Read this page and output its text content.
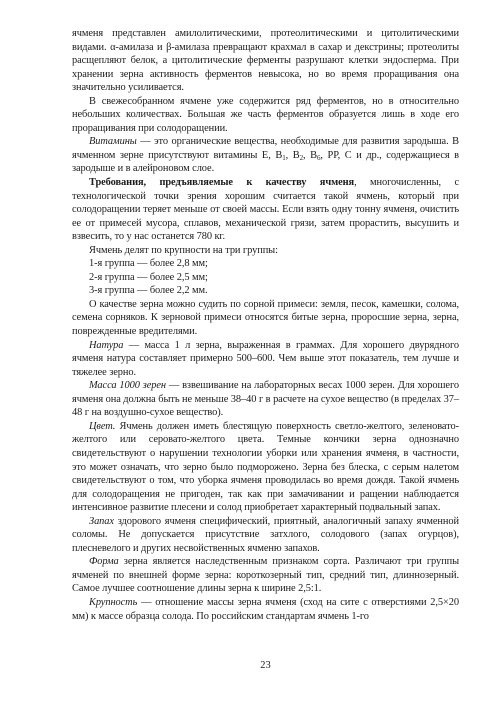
ячменя представлен амилолитическими, протеолитическими и цитолитическими видами. α-амилаза и β-амилаза превращают крахмал в сахар и декстрины; протеолиты расщепляют белок, а цитолитические ферменты разрушают клетки эндосперма. При хранении зерна активность ферментов невысока, но во время проращивания она значительно усиливается.

В свежесобранном ячмене уже содержится ряд ферментов, но в относительно небольших количествах. Большая же часть ферментов образуется лишь в ходе его проращивания при солодоращении.

Витамины — это органические вещества, необходимые для развития зародыша. В ячменном зерне присутствуют витамины Е, $В_1$, $В_2$, $В_6$, РР, С и др., содержащиеся в зародыше и в алейроновом слое.

Требования, предъявляемые к качеству ячменя, многочисленны, с технологической точки зрения хорошим считается такой ячмень, который при солодоращении теряет меньше от своей массы. Если взять одну тонну ячменя, очистить ее от примесей мусора, сплавов, механической грязи, затем прорастить, высушить и взвесить, то у нас останется 780 кг.

Ячмень делят по крупности на три группы:

1-я группа — более 2,8 мм;

2-я группа — более 2,5 мм;

3-я группа — более 2,2 мм.

О качестве зерна можно судить по сорной примеси: земля, песок, камешки, солома, семена сорняков. К зерновой примеси относятся битые зерна, проросшие зерна, зерна, поврежденные вредителями.

Натура — масса 1 л зерна, выраженная в граммах. Для хорошего двурядного ячменя натура составляет примерно 500–600. Чем выше этот показатель, тем лучше и тяжелее зерно.

Масса 1000 зерен — взвешивание на лабораторных весах 1000 зерен. Для хорошего ячменя она должна быть не меньше 38–40 г в расчете на сухое вещество (в пределах 37–48 г на воздушно-сухое вещество).

Цвет. Ячмень должен иметь блестящую поверхность светло-желтого, зеленовато-желтого или серовато-желтого цвета. Темные кончики зерна однозначно свидетельствуют о нарушении технологии уборки или хранения ячменя, в частности, это может означать, что зерно было подморожено. Зерна без блеска, с серым налетом свидетельствуют о том, что уборка ячменя проводилась во время дождя. Такой ячмень для солодоращения не пригоден, так как при замачивании и ращении наблюдается интенсивное развитие плесени и солод приобретает характерный подвальный запах.

Запах здорового ячменя специфический, приятный, аналогичный запаху ячменной соломы. Не допускается присутствие затхлого, солодового (запах огурцов), плесневелого и других несвойственных ячменю запахов.

Форма зерна является наследственным признаком сорта. Различают три группы ячменей по внешней форме зерна: короткозерный тип, средний тип, длиннозерный. Самое лучшее соотношение длины зерна к ширине 2,5:1.

Крупность — отношение массы зерна ячменя (сход на сите с отверстиями 2,5×20 мм) к массе образца солода. По российским стандартам ячмень 1-го

23
